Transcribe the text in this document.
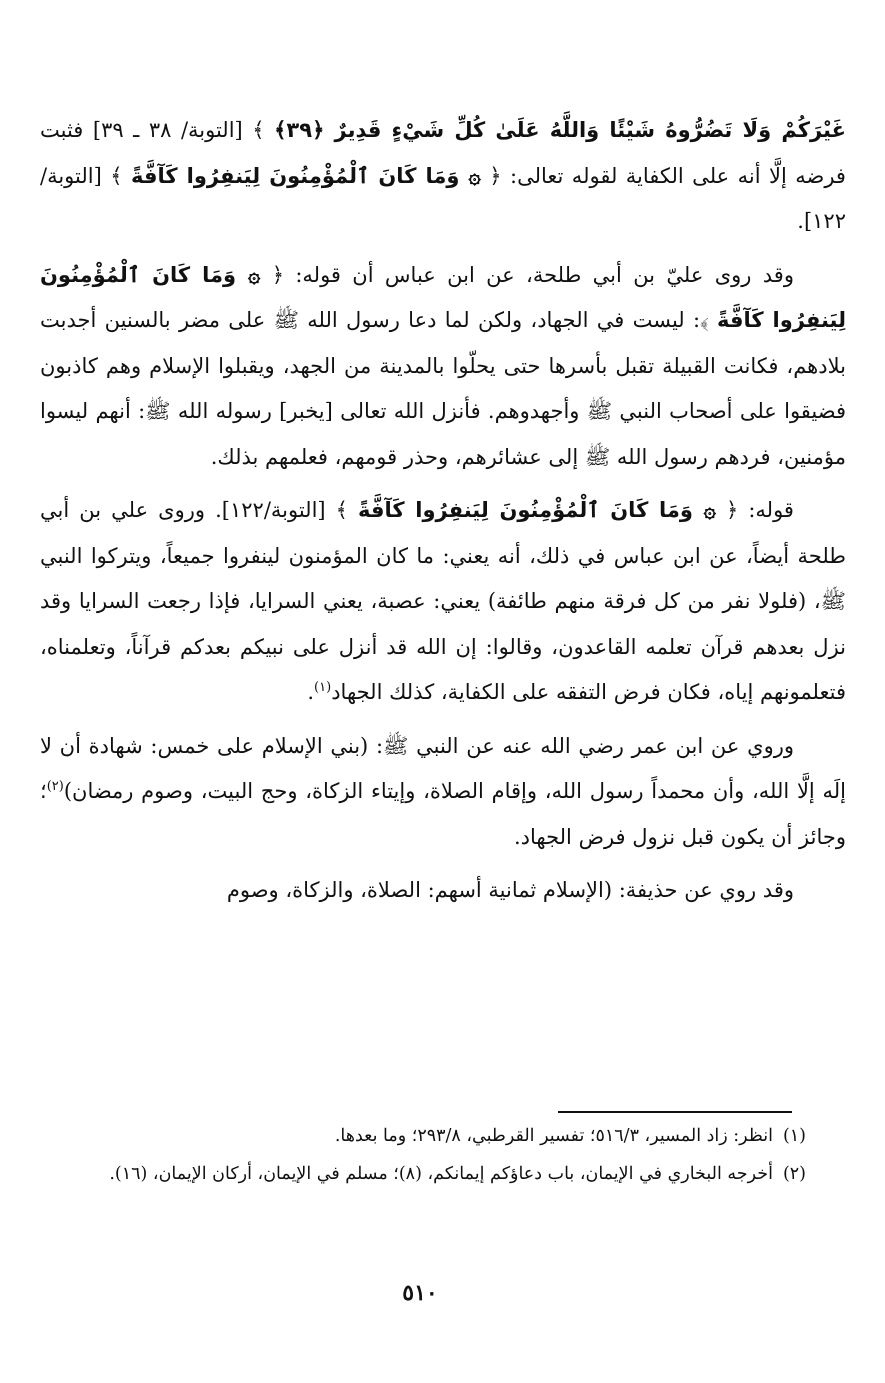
غَيْرَكُمْ وَلَا تَضُرُّوهُ شَيْئًا وَاللَّهُ عَلَىٰ كُلِّ شَيْءٍ قَدِيرٌ ﴿٣٩﴾ ﴾ [التوبة/ ٣٨ ـ ٣٩] فثبت فرضه إلَّا أنه على الكفاية لقوله تعالى: ﴿ ۞ وَمَا كَانَ ٱلْمُؤْمِنُونَ لِيَنفِرُوا كَآفَّةً ﴾ [التوبة/ ١٢٢].

وقد روى عليّ بن أبي طلحة، عن ابن عباس أن قوله: ﴿ ۞ وَمَا كَانَ ٱلْمُؤْمِنُونَ لِيَنفِرُوا كَآفَّةً ﴾: ليست في الجهاد، ولكن لما دعا رسول الله ﷺ على مضر بالسنين أجدبت بلادهم، فكانت القبيلة تقبل بأسرها حتى يحلّوا بالمدينة من الجهد، ويقبلوا الإسلام وهم كاذبون فضيقوا على أصحاب النبي ﷺ وأجهدوهم. فأنزل الله تعالى [يخبر] رسوله الله ﷺ: أنهم ليسوا مؤمنين، فردهم رسول الله ﷺ إلى عشائرهم، وحذر قومهم، فعلمهم بذلك.

قوله: ﴿ ۞ وَمَا كَانَ ٱلْمُؤْمِنُونَ لِيَنفِرُوا كَآفَّةً ﴾ [التوبة/١٢٢]. وروى علي بن أبي طلحة أيضاً، عن ابن عباس في ذلك، أنه يعني: ما كان المؤمنون لينفروا جميعاً، ويتركوا النبي ﷺ، (فلولا نفر من كل فرقة منهم طائفة) يعني: عصبة، يعني السرايا، فإذا رجعت السرايا وقد نزل بعدهم قرآن تعلمه القاعدون، وقالوا: إن الله قد أنزل على نبيكم بعدكم قرآناً، وتعلمناه، فتعلمونهم إياه، فكان فرض التفقه على الكفاية، كذلك الجهاد$^{(١)}$.

وروي عن ابن عمر رضي الله عنه عن النبي ﷺ: (بني الإسلام على خمس: شهادة أن لا إلَه إلَّا الله، وأن محمداً رسول الله، وإقام الصلاة، وإيتاء الزكاة، وحج البيت، وصوم رمضان)$^{(٢)}$؛ وجائز أن يكون قبل نزول فرض الجهاد.

وقد روي عن حذيفة: (الإسلام ثمانية أسهم: الصلاة، والزكاة، وصوم

(١)
انظر: زاد المسير، ٥١٦/٣؛ تفسير القرطبي، ٢٩٣/٨؛ وما بعدها.

(٢)
أخرجه البخاري في الإيمان، باب دعاؤكم إيمانكم، (٨)؛ مسلم في الإيمان، أركان الإيمان، (١٦).

٥١٠
